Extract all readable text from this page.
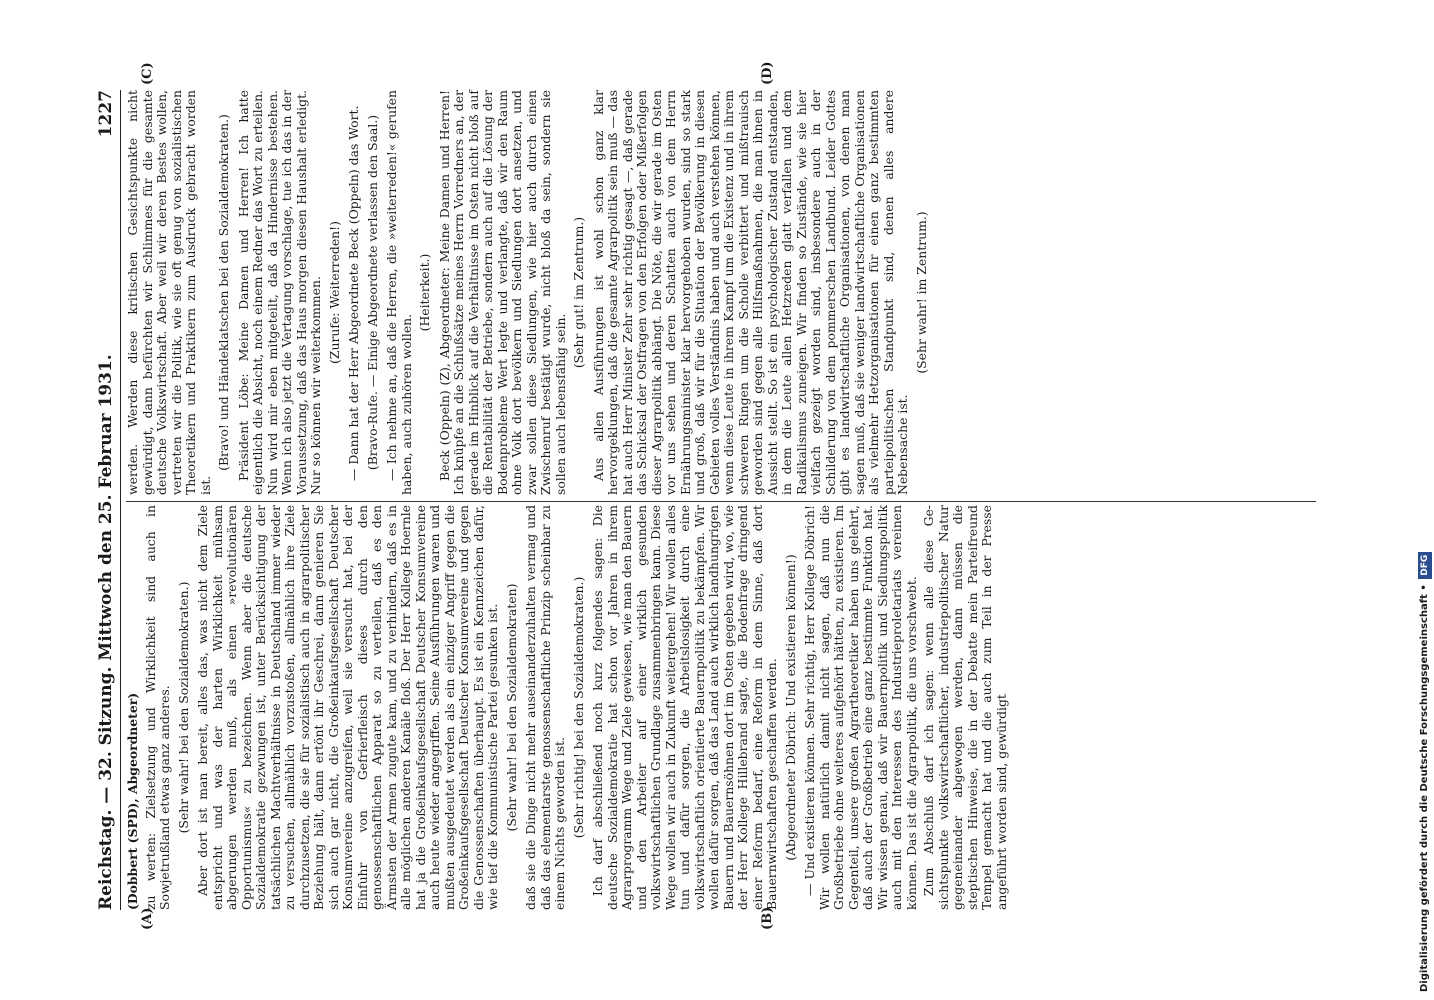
Reichstag. — 32. Sitzung. Mittwoch den 25. Februar 1931.
1227
(A)	(B)
(C)	(D)

(Dobbert (SPD), Abgeordneter) zu werten: Zielsetzung und Wirklichkeit sind auch in Sowjetrußland etwas ganz anderes. (Sehr wahr! bei den Sozialdemokraten.) Aber dort ist man bereit, alles das, was nicht dem Ziele entspricht und was der harten Wirklichkeit mühsam abgerungen werden muß, als einen »revolutionären Opportunismus« zu bezeichnen. Wenn aber die deutsche Sozialdemokratie gezwungen ist, unter Berücksichtigung der tatsächlichen Machtverhältnisse in Deutschland immer wieder zu versuchen, allmählich vorzustoßen, allmählich ihre Ziele durchzusetzen, die sie für sozialistisch auch in agrarpolitischer Beziehung hält, dann ertönt ihr Geschrei, dann genieren Sie sich auch gar nicht, die Großeinkaufsgesellschaft Deutscher Konsumvereine anzugreifen, weil sie versucht hat, bei der Einfuhr von Gefrierfleisch dieses durch den genossenschaftlichen Apparat so zu verteilen, daß es den Ärmsten der Armen zugute kam, und zu verhindern, daß es in alle möglichen anderen Kanäle floß. Der Herr Kollege Hoernle hat ja die Großeinkaufsgesellschaft Deutscher Konsumvereine auch heute wieder angegriffen. Seine Ausführungen waren und mußten ausgedeutet werden als ein einziger Angriff gegen die Großeinkaufsgesellschaft Deutscher Konsumvereine und gegen die Genossenschaften überhaupt. Es ist ein Kennzeichen dafür, wie tief die Kommunistische Partei gesunken ist. (Sehr wahr! bei den Sozialdemokraten) daß sie die Dinge nicht mehr auseinanderzuhalten vermag und daß das elementarste genossenschaftliche Prinzip scheinbar zu einem Nichts geworden ist. (Sehr richtig! bei den Sozialdemokraten.) Ich darf abschließend noch kurz folgendes sagen: Die deutsche Sozialdemokratie hat schon vor Jahren in ihrem Agrarprogramm Wege und Ziele gewiesen, wie man den Bauern und den Arbeiter auf einer wirklich gesunden volkswirtschaftlichen Grundlage zusammenbringen kann. Diese Wege wollen wir auch in Zukunft weitergehen! Wir wollen alles tun und dafür sorgen, die Arbeitslosigkeit durch eine volkswirtschaftlich orientierte Bauernpolitik zu bekämpfen. Wir wollen dafür sorgen, daß das Land auch wirklich landhungrigen Bauern und Bauernsöhnen dort im Osten gegeben wird, wo, wie der Herr Kollege Hillebrand sagte, die Bodenfrage dringend einer Reform bedarf, eine Reform in dem Sinne, daß dort Bauernwirtschaften geschaffen werden. (Abgeordneter Döbrich: Und existieren können!) — Und existieren können. Sehr richtig, Herr Kollege Döbrich! Wir wollen natürlich damit nicht sagen, daß nun die Großbetriebe ohne weiteres aufgehört hätten, zu existieren. Im Gegenteil, unsere großen Agrartheoretiker haben uns gelehrt, daß auch der Großbetrieb eine ganz bestimmte Funktion hat. Wir wissen genau, daß wir Bauernpolitik und Siedlungspolitik auch mit den Interessen des Industrieproletariats vereinen können. Das ist die Agrarpolitik, die uns vorschwebt. Zum Abschluß darf ich sagen: wenn alle diese Gesichtspunkte volkswirtschaftlicher, industriepolitischer Natur gegeneinander abgewogen werden, dann müssen die steptischen Hinweise, die in der Debatte mein Parteifreund Tempel gemacht hat und die auch zum Teil in der Presse angeführt worden sind, gewürdigt

werden. Werden diese kritischen Gesichtspunkte nicht gewürdigt, dann befürchten wir Schlimmes für die gesamte deutsche Volkswirtschaft. Aber weil wir deren Bestes wollen, vertreten wir die Politik, wie sie oft genug von sozialistischen Theoretikern und Praktikern zum Ausdruck gebracht worden ist.

(Bravo! und Händeklatschen bei den Sozialdemokraten.) Präsident Löbe: Meine Damen und Herren! Ich hatte eigentlich die Absicht, noch einem Redner das Wort zu erteilen. Nun wird mir eben mitgeteilt, daß da Hindernisse bestehen. Wenn ich also jetzt die Vertagung vorschlage, tue ich das in der Voraussetzung, daß das Haus morgen diesen Haushalt erledigt. Nur so können wir weiterkommen. (Zurufe: Weiterreden!) — Dann hat der Herr Abgeordnete Beck (Oppeln) das Wort. (Bravo-Rufe. — Einige Abgeordnete verlassen den Saal.) — Ich nehme an, daß die Herren, die »weiterreden!« gerufen haben, auch zuhören wollen.

(Heiterkeit.) Beck (Oppeln) (Z), Abgeordneter: Meine Damen und Herren! Ich knüpfe an die Schlußsätze meines Herrn Vorredners an, der gerade im Hinblick auf die Verhältnisse im Osten nicht bloß auf die Rentabilität der Betriebe, sondern auch auf die Lösung der Bodenprobleme Wert legte und verlangte, daß wir den Raum ohne Volk dort bevölkern und Siedlungen dort ansetzen, und zwar sollen diese Siedlungen, wie hier auch durch einen Zwischenruf bestätigt wurde, nicht bloß da sein, sondern sie sollen auch lebensfähig sein.

(Sehr gut! im Zentrum.) Aus allen Ausführungen ist wohl schon ganz klar hervorgeklungen, daß die gesamte Agrarpolitik sein muß — das hat auch Herr Minister Zehr sehr richtig gesagt —, daß gerade das Schicksal der Ostfragen von den Erfolgen oder Mißerfolgen dieser Agrarpolitik abhängt. Die Nöte, die wir gerade im Osten vor uns sehen und deren Schatten auch von dem Herrn Ernährungsminister klar hervorgehoben wurden, sind so stark und groß, daß wir für die Situation der Bevölkerung in diesen Gebieten volles Verständnis haben und auch verstehen können, wenn diese Leute in ihrem Kampf um die Existenz und in ihrem schweren Ringen um die Scholle verbittert und mißtrauisch geworden sind gegen alle Hilfsmaßnahmen, die man ihnen in Aussicht stellt. So ist ein psychologischer Zustand entstanden, in dem die Leute allen Hetzreden glatt verfallen und dem Radikalismus zuneigen. Wir finden so Zustände, wie sie hier vielfach gezeigt worden sind, insbesondere auch in der Schilderung von dem pommerschen Landbund. Leider Gottes gibt es landwirtschaftliche Organisationen, von denen man sagen muß, daß sie weniger landwirtschaftliche Organisationen als vielmehr Hetzorganisationen für einen ganz bestimmten parteipolitischen Standpunkt sind, denen alles andere Nebensache ist.

(Sehr wahr! im Zentrum.)

Digitalisierung gefördert durch die Deutsche Forschungsgemeinschaft • DFG
